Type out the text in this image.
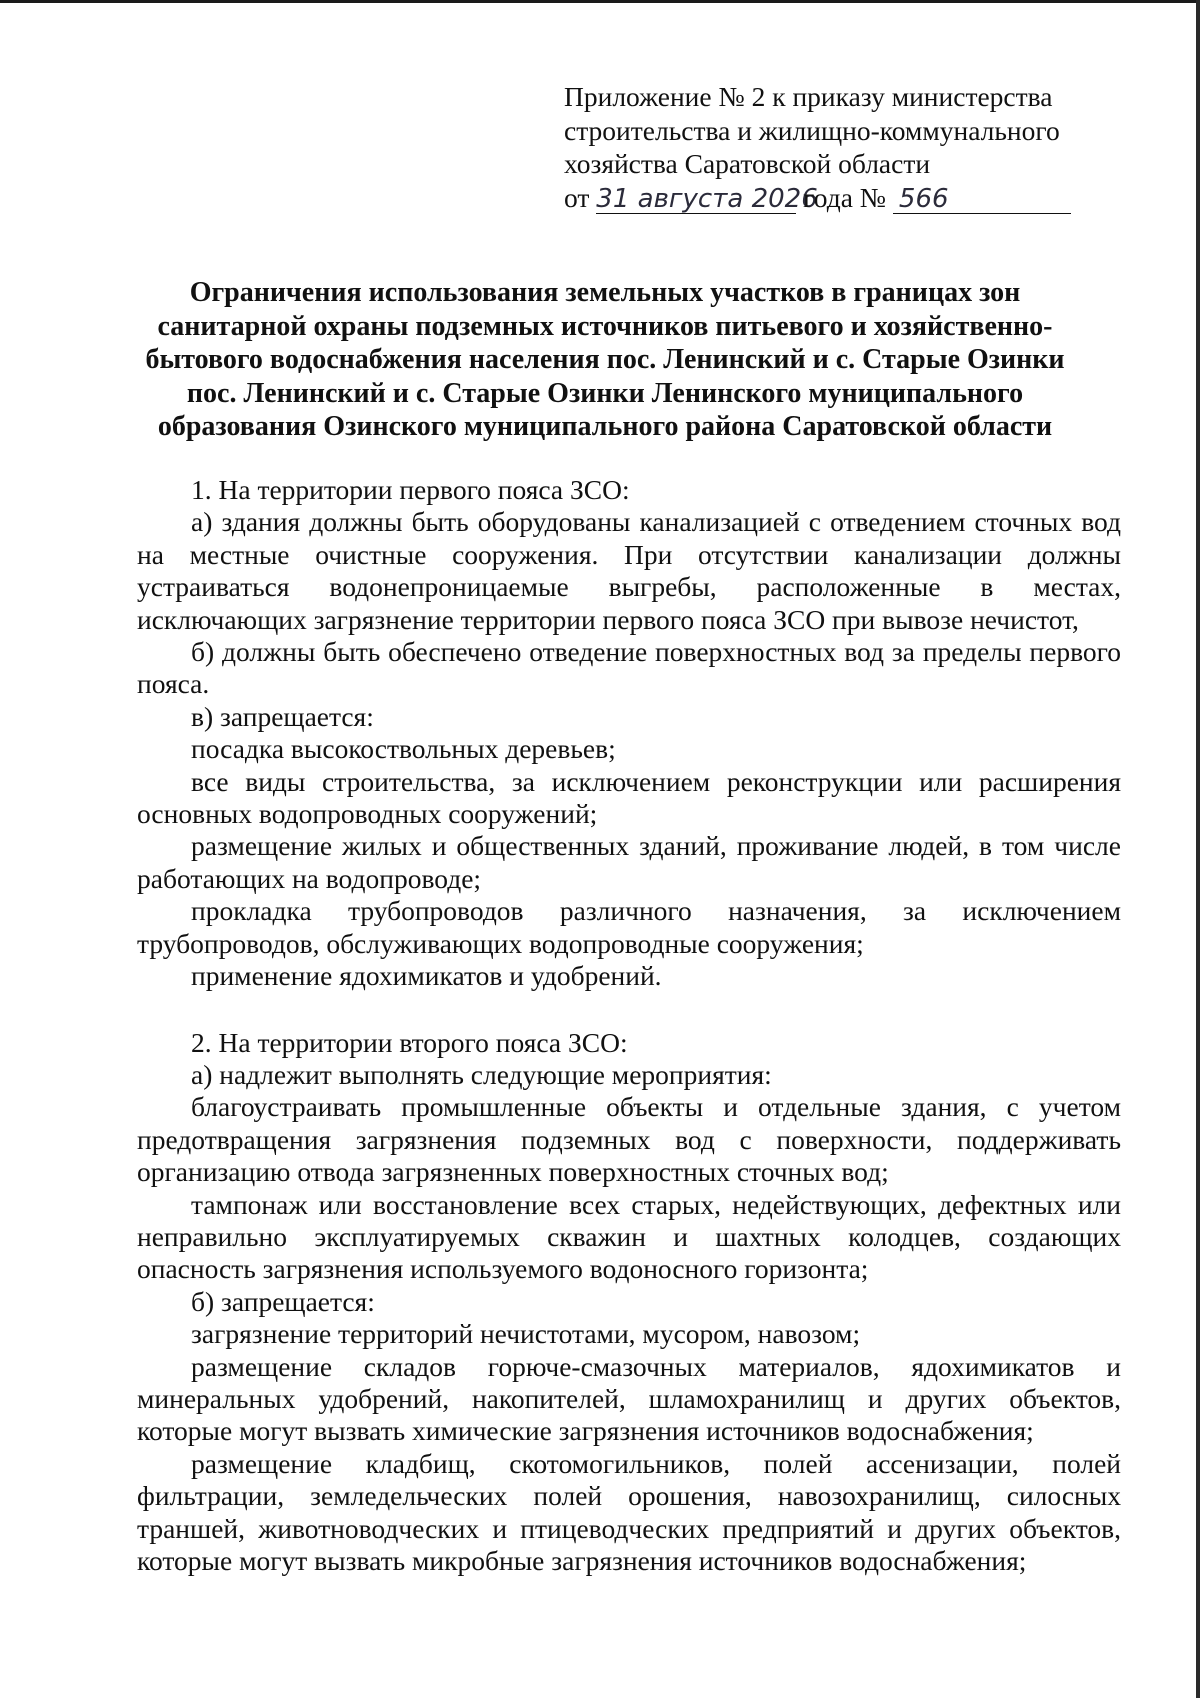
Приложение № 2 к приказу министерства
строительства и жилищно-коммунального
хозяйства Саратовской области
от 31 августа 2026 года № 566
Ограничения использования земельных участков в границах зон
санитарной охраны подземных источников питьевого и хозяйственно-
бытового водоснабжения населения пос. Ленинский и с. Старые Озинки
пос. Ленинский и с. Старые Озинки Ленинского муниципального
образования Озинского муниципального района Саратовской области

1. На территории первого пояса ЗСО:

а) здания должны быть оборудованы канализацией с отведением сточных вод на местные очистные сооружения. При отсутствии канализации должны устраиваться водонепроницаемые выгребы, расположенные в местах, исключающих загрязнение территории первого пояса ЗСО при вывозе нечистот,

б) должны быть обеспечено отведение поверхностных вод за пределы первого пояса.

в) запрещается:

посадка высокоствольных деревьев;

все виды строительства, за исключением реконструкции или расширения основных водопроводных сооружений;

размещение жилых и общественных зданий, проживание людей, в том числе работающих на водопроводе;

прокладка трубопроводов различного назначения, за исключением трубопроводов, обслуживающих водопроводные сооружения;

применение ядохимикатов и удобрений.

2. На территории второго пояса ЗСО:

а) надлежит выполнять следующие мероприятия:

благоустраивать промышленные объекты и отдельные здания, с учетом предотвращения загрязнения подземных вод с поверхности, поддерживать организацию отвода загрязненных поверхностных сточных вод;

тампонаж или восстановление всех старых, недействующих, дефектных или неправильно эксплуатируемых скважин и шахтных колодцев, создающих опасность загрязнения используемого водоносного горизонта;

б) запрещается:

загрязнение территорий нечистотами, мусором, навозом;

размещение складов горюче-смазочных материалов, ядохимикатов и минеральных удобрений, накопителей, шламохранилищ и других объектов, которые могут вызвать химические загрязнения источников водоснабжения;

размещение кладбищ, скотомогильников, полей ассенизации, полей фильтрации, земледельческих полей орошения, навозохранилищ, силосных траншей, животноводческих и птицеводческих предприятий и других объектов, которые могут вызвать микробные загрязнения источников водоснабжения;
